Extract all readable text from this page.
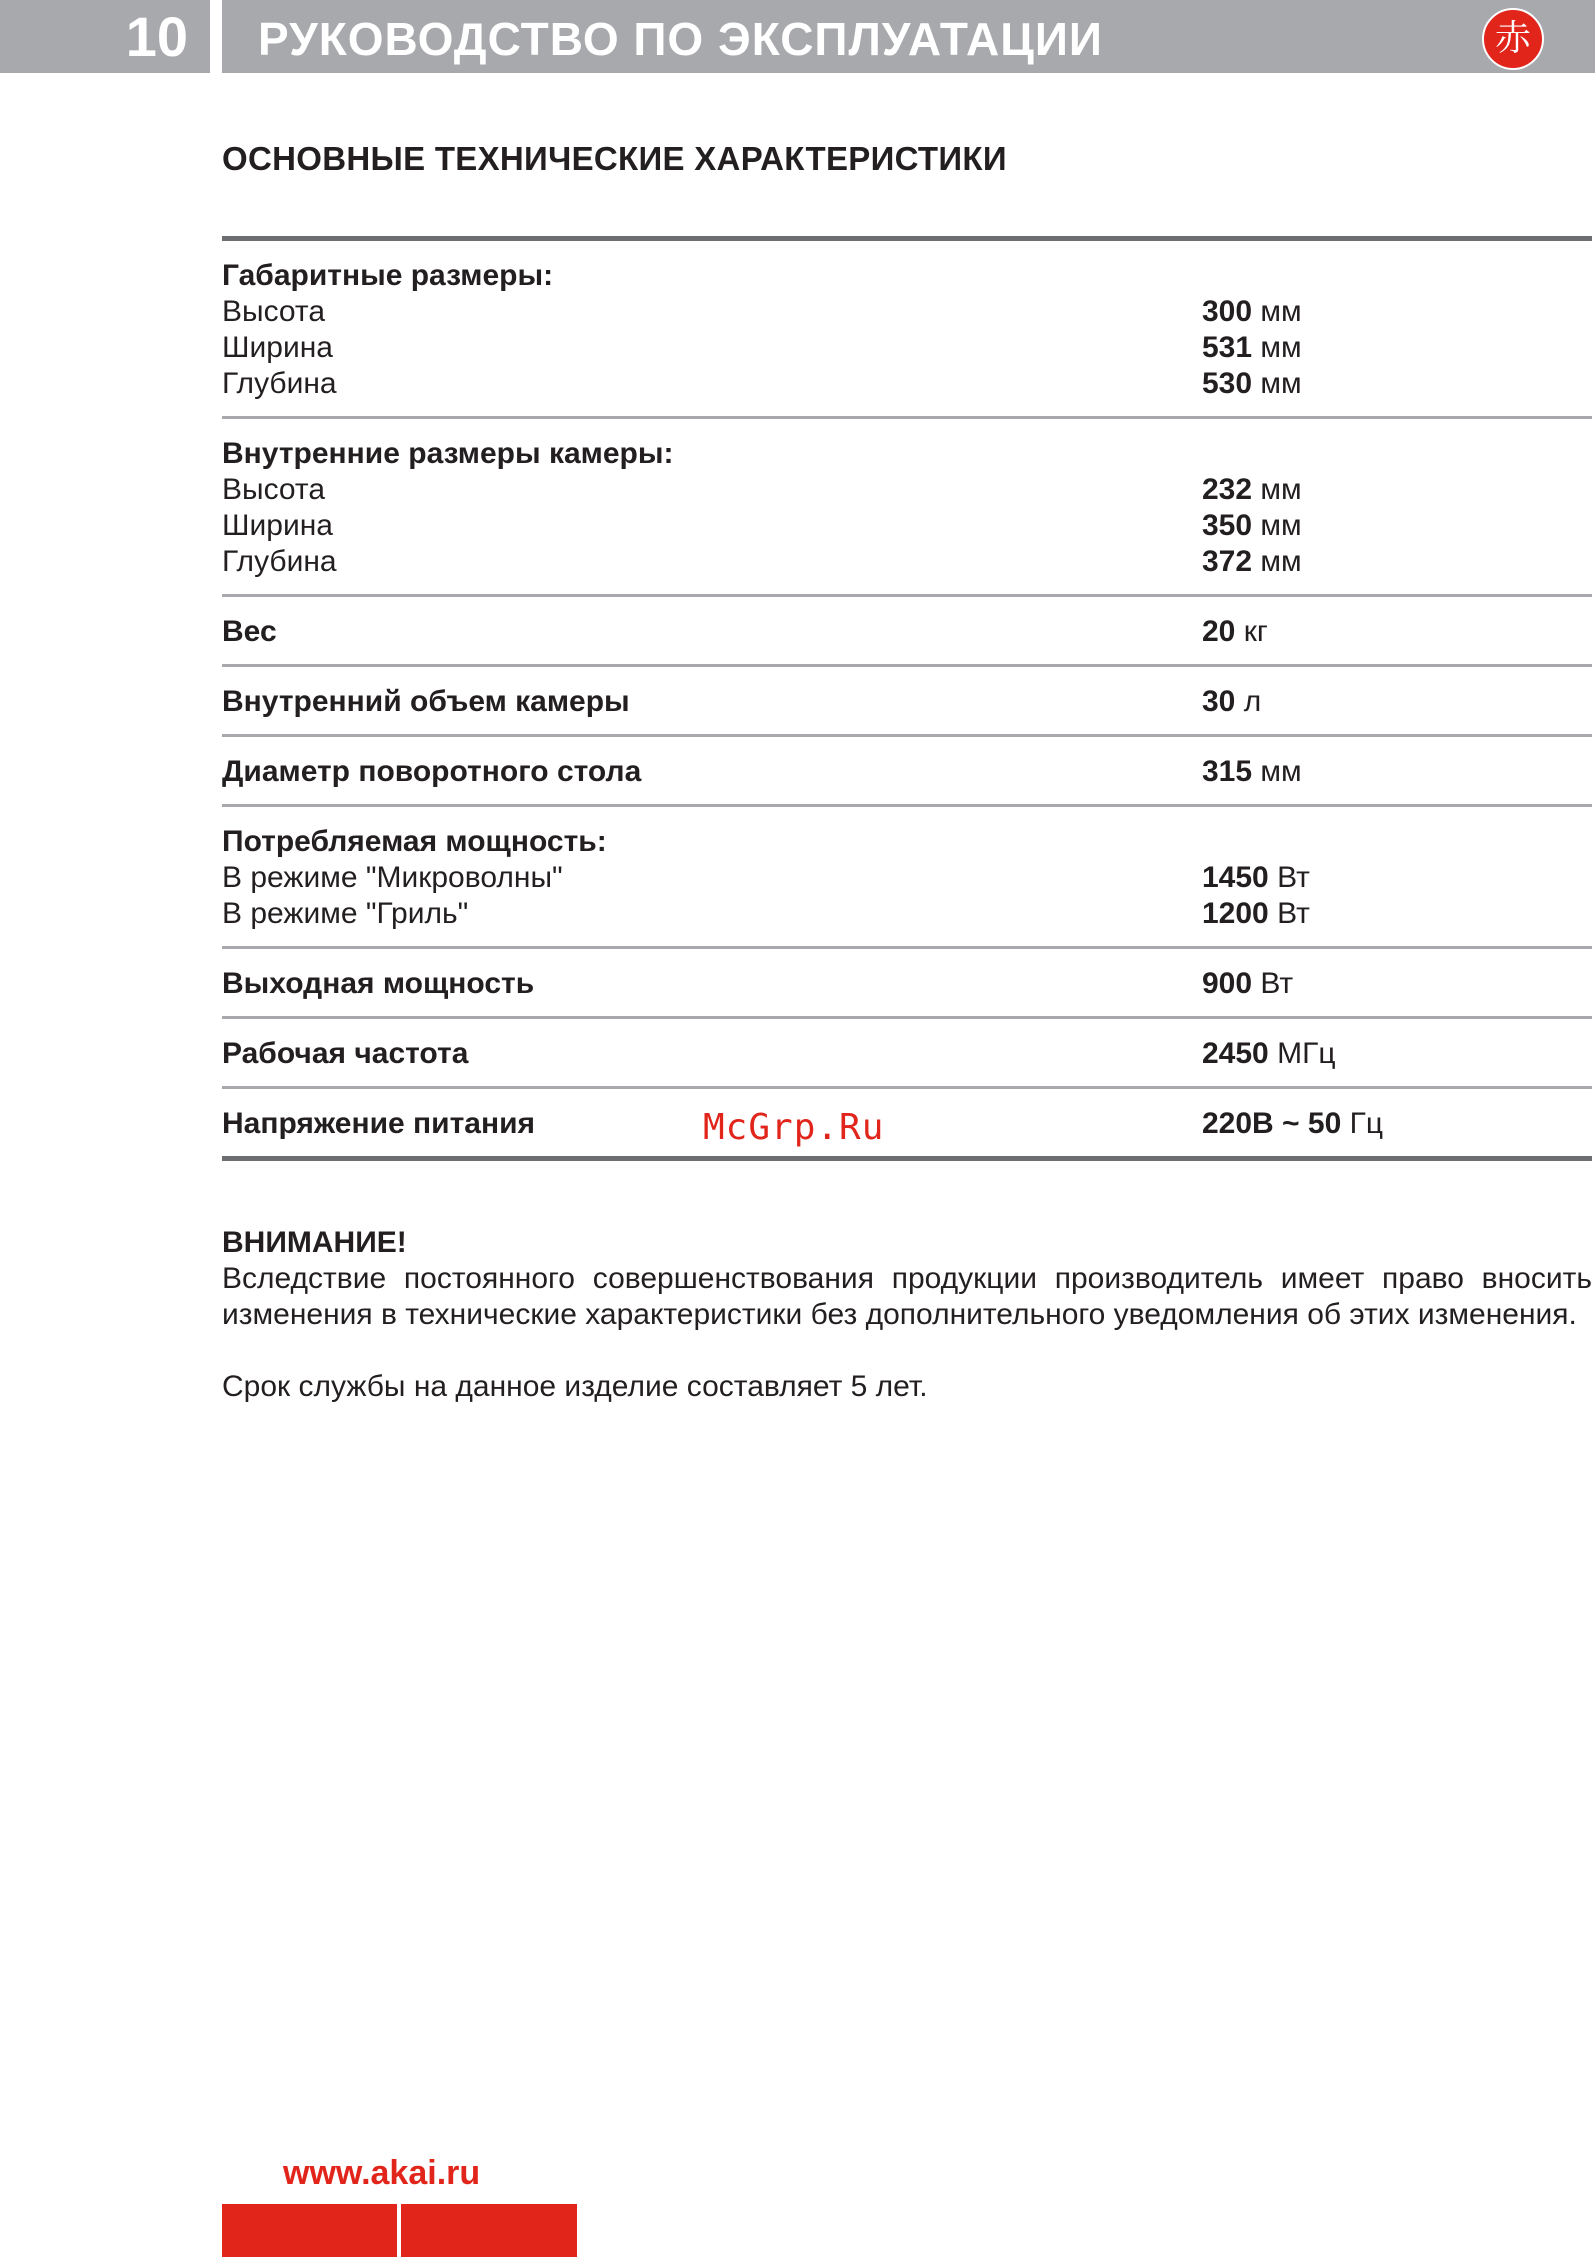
10	РУКОВОДСТВО ПО ЭКСПЛУАТАЦИИ	赤
ОСНОВНЫЕ ТЕХНИЧЕСКИЕ ХАРАКТЕРИСТИКИ
Габаритные размеры:
Высота	300 мм
Ширина	531 мм
Глубина	530 мм
Внутренние размеры камеры:
Высота	232 мм
Ширина	350 мм
Глубина	372 мм
Вес	20 кг
Внутренний объем камеры	30 л
Диаметр поворотного стола	315 мм
Потребляемая мощность:
В режиме "Микроволны"	1450 Вт
В режиме "Гриль"	1200 Вт
Выходная мощность	900 Вт
Рабочая частота	2450 МГц
Напряжение питания	220В ~ 50 Гц
McGrp.Ru
ВНИМАНИЕ!
Вследствие постоянного совершенствования продукции производитель имеет право вносить изменения в технические характеристики без дополнительного уведомления об этих изменения.
Срок службы на данное изделие составляет 5 лет.
www.akai.ru
